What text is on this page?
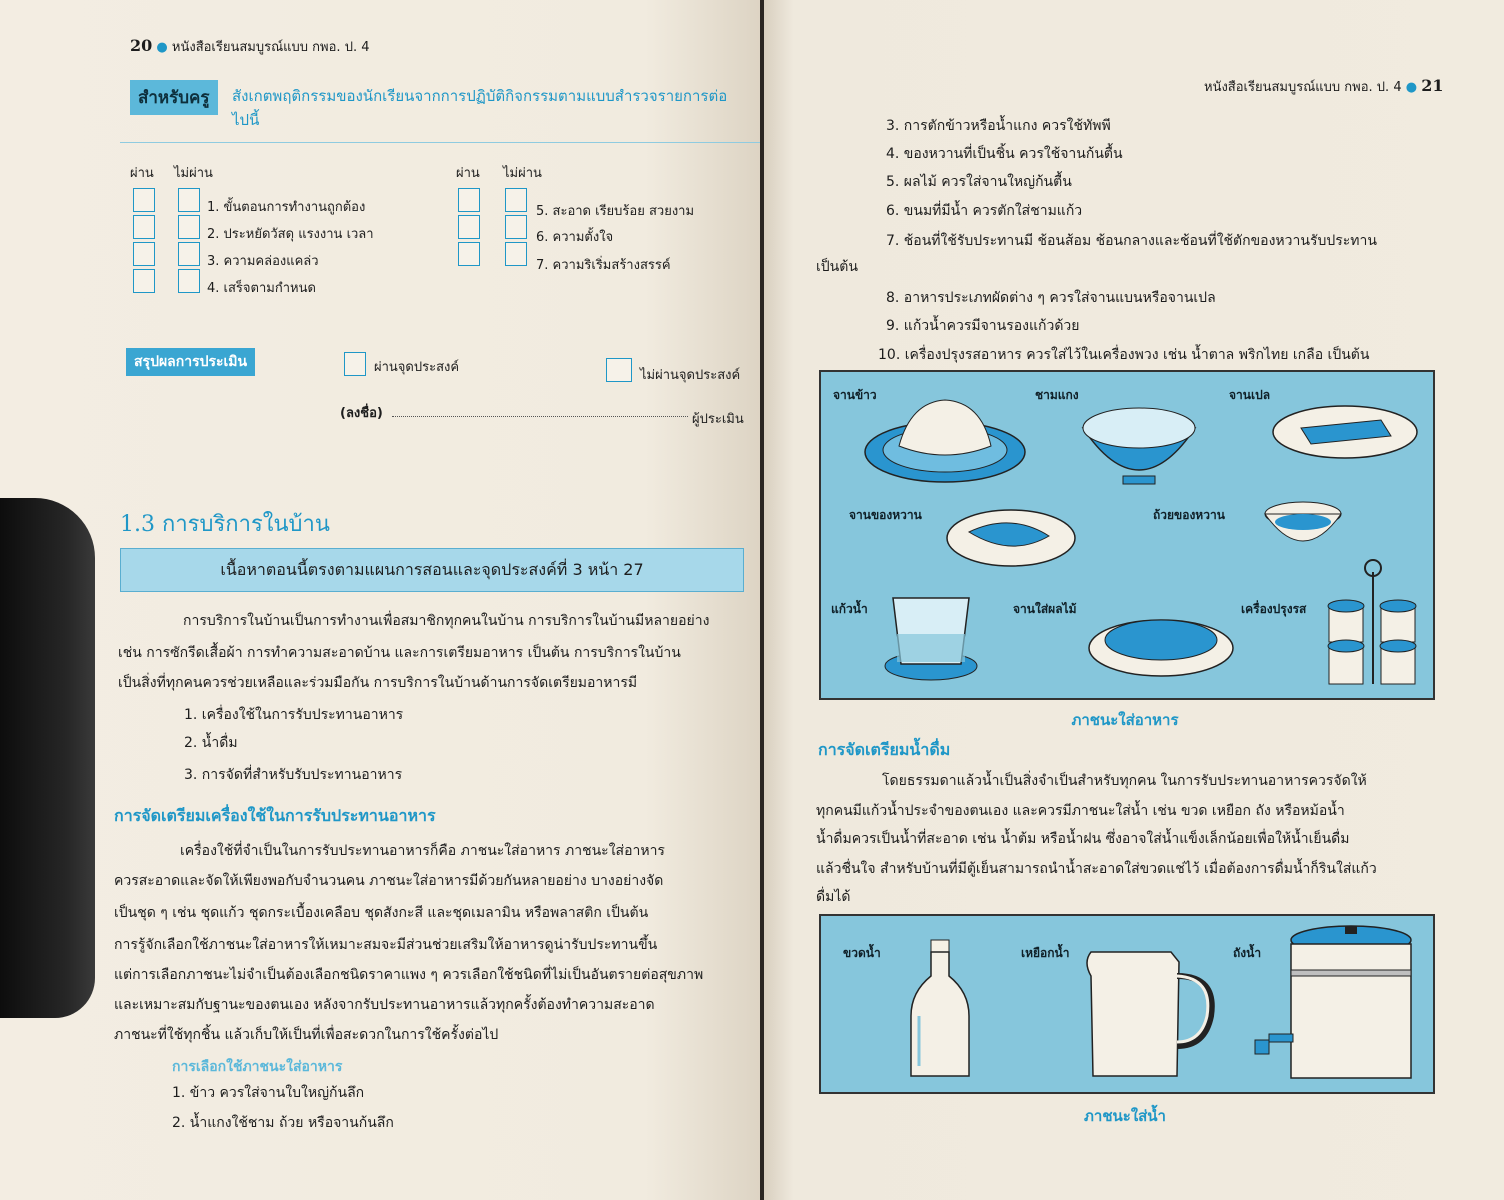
20 ● หนังสือเรียนสมบูรณ์แบบ กพอ. ป. 4
สำหรับครู	สังเกตพฤติกรรมของนักเรียนจากการปฏิบัติกิจกรรมตามแบบสำรวจรายการต่อไปนี้
ผ่าน ไม่ผ่าน	ผ่าน ไม่ผ่าน
1. ขั้นตอนการทำงานถูกต้อง
2. ประหยัดวัสดุ แรงงาน เวลา
3. ความคล่องแคล่ว
4. เสร็จตามกำหนด
5. สะอาด เรียบร้อย สวยงาม
6. ความตั้งใจ
7. ความริเริ่มสร้างสรรค์
สรุปผลการประเมิน	ผ่านจุดประสงค์
ไม่ผ่านจุดประสงค์
(ลงชื่อ)	ผู้ประเมิน
1.3 การบริการในบ้าน
เนื้อหาตอนนี้ตรงตามแผนการสอนและจุดประสงค์ที่ 3 หน้า 27
การบริการในบ้านเป็นการทำงานเพื่อสมาชิกทุกคนในบ้าน การบริการในบ้านมีหลายอย่าง
เช่น การซักรีดเสื้อผ้า การทำความสะอาดบ้าน และการเตรียมอาหาร เป็นต้น การบริการในบ้าน
เป็นสิ่งที่ทุกคนควรช่วยเหลือและร่วมมือกัน การบริการในบ้านด้านการจัดเตรียมอาหารมี
1. เครื่องใช้ในการรับประทานอาหาร
2. น้ำดื่ม
3. การจัดที่สำหรับรับประทานอาหาร
การจัดเตรียมเครื่องใช้ในการรับประทานอาหาร
เครื่องใช้ที่จำเป็นในการรับประทานอาหารก็คือ ภาชนะใส่อาหาร ภาชนะใส่อาหาร
ควรสะอาดและจัดให้เพียงพอกับจำนวนคน ภาชนะใส่อาหารมีด้วยกันหลายอย่าง บางอย่างจัด
เป็นชุด ๆ เช่น ชุดแก้ว ชุดกระเบื้องเคลือบ ชุดสังกะสี และชุดเมลามิน หรือพลาสติก เป็นต้น
การรู้จักเลือกใช้ภาชนะใส่อาหารให้เหมาะสมจะมีส่วนช่วยเสริมให้อาหารดูน่ารับประทานขึ้น
แต่การเลือกภาชนะไม่จำเป็นต้องเลือกชนิดราคาแพง ๆ ควรเลือกใช้ชนิดที่ไม่เป็นอันตรายต่อสุขภาพ
และเหมาะสมกับฐานะของตนเอง หลังจากรับประทานอาหารแล้วทุกครั้งต้องทำความสะอาด
ภาชนะที่ใช้ทุกชิ้น แล้วเก็บให้เป็นที่เพื่อสะดวกในการใช้ครั้งต่อไป
การเลือกใช้ภาชนะใส่อาหาร
1. ข้าว ควรใส่จานใบใหญ่ก้นลึก
2. น้ำแกงใช้ชาม ถ้วย หรือจานก้นลึก
หนังสือเรียนสมบูรณ์แบบ กพอ. ป. 4 ● 21
3. การตักข้าวหรือน้ำแกง ควรใช้ทัพพี
4. ของหวานที่เป็นชิ้น ควรใช้จานก้นตื้น
5. ผลไม้ ควรใส่จานใหญ่ก้นตื้น
6. ขนมที่มีน้ำ ควรตักใส่ชามแก้ว
7. ช้อนที่ใช้รับประทานมี ช้อนส้อม ช้อนกลางและช้อนที่ใช้ตักของหวานรับประทาน
เป็นต้น
8. อาหารประเภทผัดต่าง ๆ ควรใส่จานแบนหรือจานเปล
9. แก้วน้ำควรมีจานรองแก้วด้วย
10. เครื่องปรุงรสอาหาร ควรใส่ไว้ในเครื่องพวง เช่น น้ำตาล พริกไทย เกลือ เป็นต้น
จานข้าว	ชามแกง	จานเปล
จานของหวาน	ถ้วยของหวาน
แก้วน้ำ	จานใส่ผลไม้	เครื่องปรุงรส
ภาชนะใส่อาหาร
การจัดเตรียมน้ำดื่ม
โดยธรรมดาแล้วน้ำเป็นสิ่งจำเป็นสำหรับทุกคน ในการรับประทานอาหารควรจัดให้
ทุกคนมีแก้วน้ำประจำของตนเอง และควรมีภาชนะใส่น้ำ เช่น ขวด เหยือก ถัง หรือหม้อน้ำ
น้ำดื่มควรเป็นน้ำที่สะอาด เช่น น้ำต้ม หรือน้ำฝน ซึ่งอาจใส่น้ำแข็งเล็กน้อยเพื่อให้น้ำเย็นดื่ม
แล้วชื่นใจ สำหรับบ้านที่มีตู้เย็นสามารถนำน้ำสะอาดใส่ขวดแช่ไว้ เมื่อต้องการดื่มน้ำก็รินใส่แก้ว
ดื่มได้
ขวดน้ำ	เหยือกน้ำ	ถังน้ำ
ภาชนะใส่น้ำ
